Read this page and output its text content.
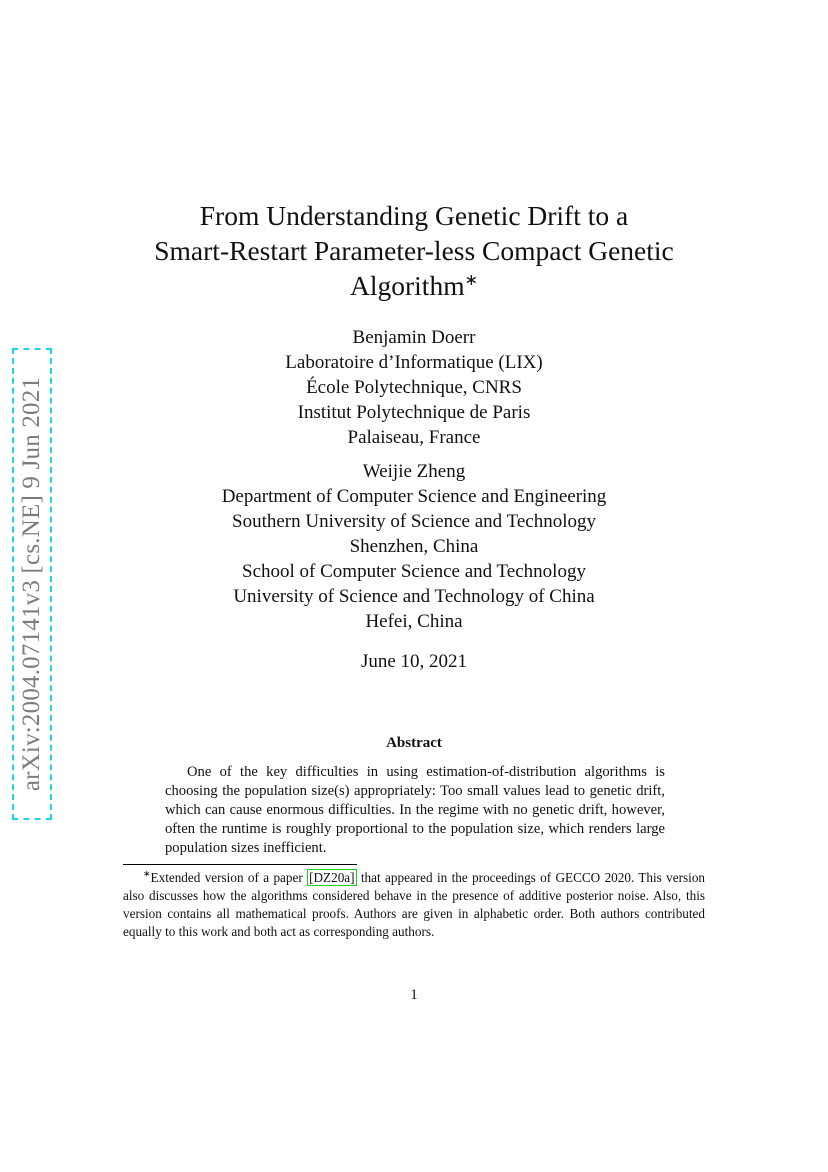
arXiv:2004.07141v3 [cs.NE] 9 Jun 2021
From Understanding Genetic Drift to a
Smart-Restart Parameter-less Compact Genetic
Algorithm∗
Benjamin Doerr
Laboratoire d’Informatique (LIX)
École Polytechnique, CNRS
Institut Polytechnique de Paris
Palaiseau, France
Weijie Zheng
Department of Computer Science and Engineering
Southern University of Science and Technology
Shenzhen, China
School of Computer Science and Technology
University of Science and Technology of China
Hefei, China
June 10, 2021
Abstract
One of the key difficulties in using estimation-of-distribution algorithms is choosing the population size(s) appropriately: Too small values lead to genetic drift, which can cause enormous difficulties. In the regime with no genetic drift, however, often the runtime is roughly proportional to the population size, which renders large population sizes inefficient.
∗Extended version of a paper [DZ20a] that appeared in the proceedings of GECCO 2020. This version also discusses how the algorithms considered behave in the presence of additive posterior noise. Also, this version contains all mathematical proofs. Authors are given in alphabetic order. Both authors contributed equally to this work and both act as corresponding authors.
1
